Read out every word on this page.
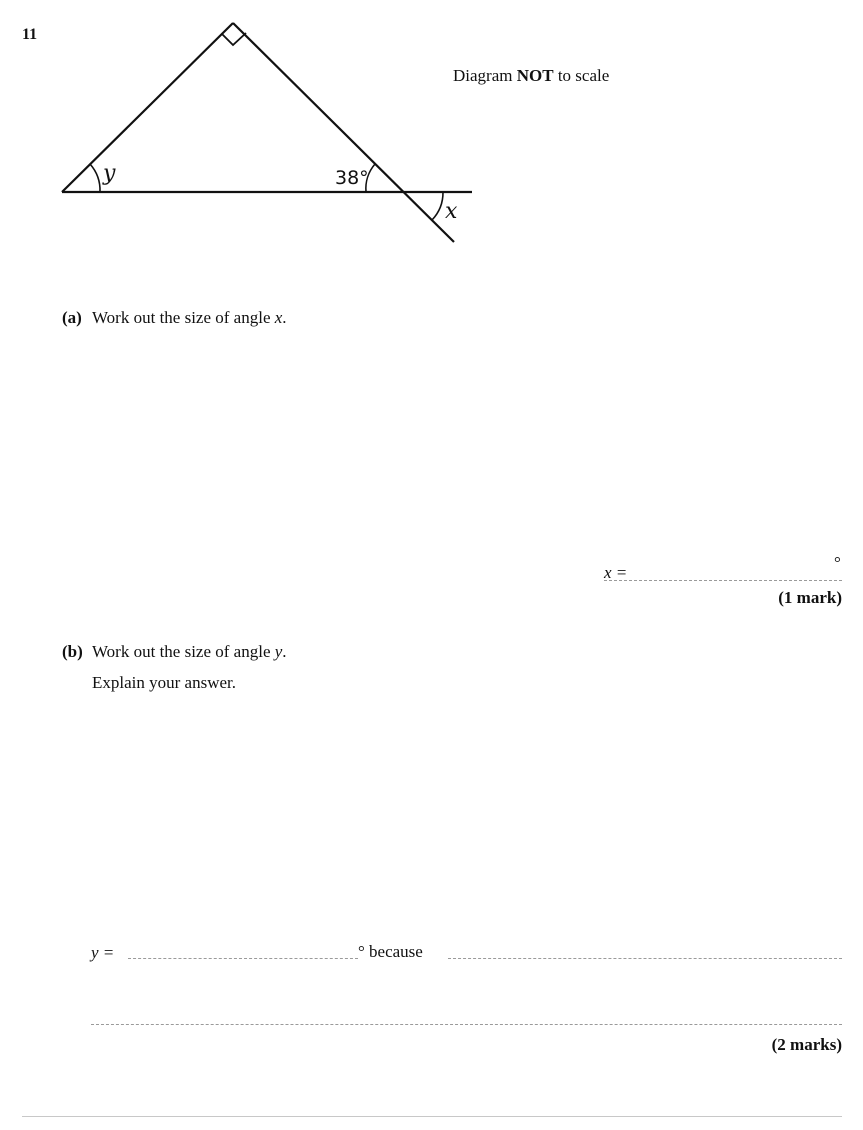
11
y	38°
x
Diagram NOT to scale
(a) Work out the size of angle x.
x =
°
(1 mark)
(b) Work out the size of angle y.
Explain your answer.
y =	° because
(2 marks)
